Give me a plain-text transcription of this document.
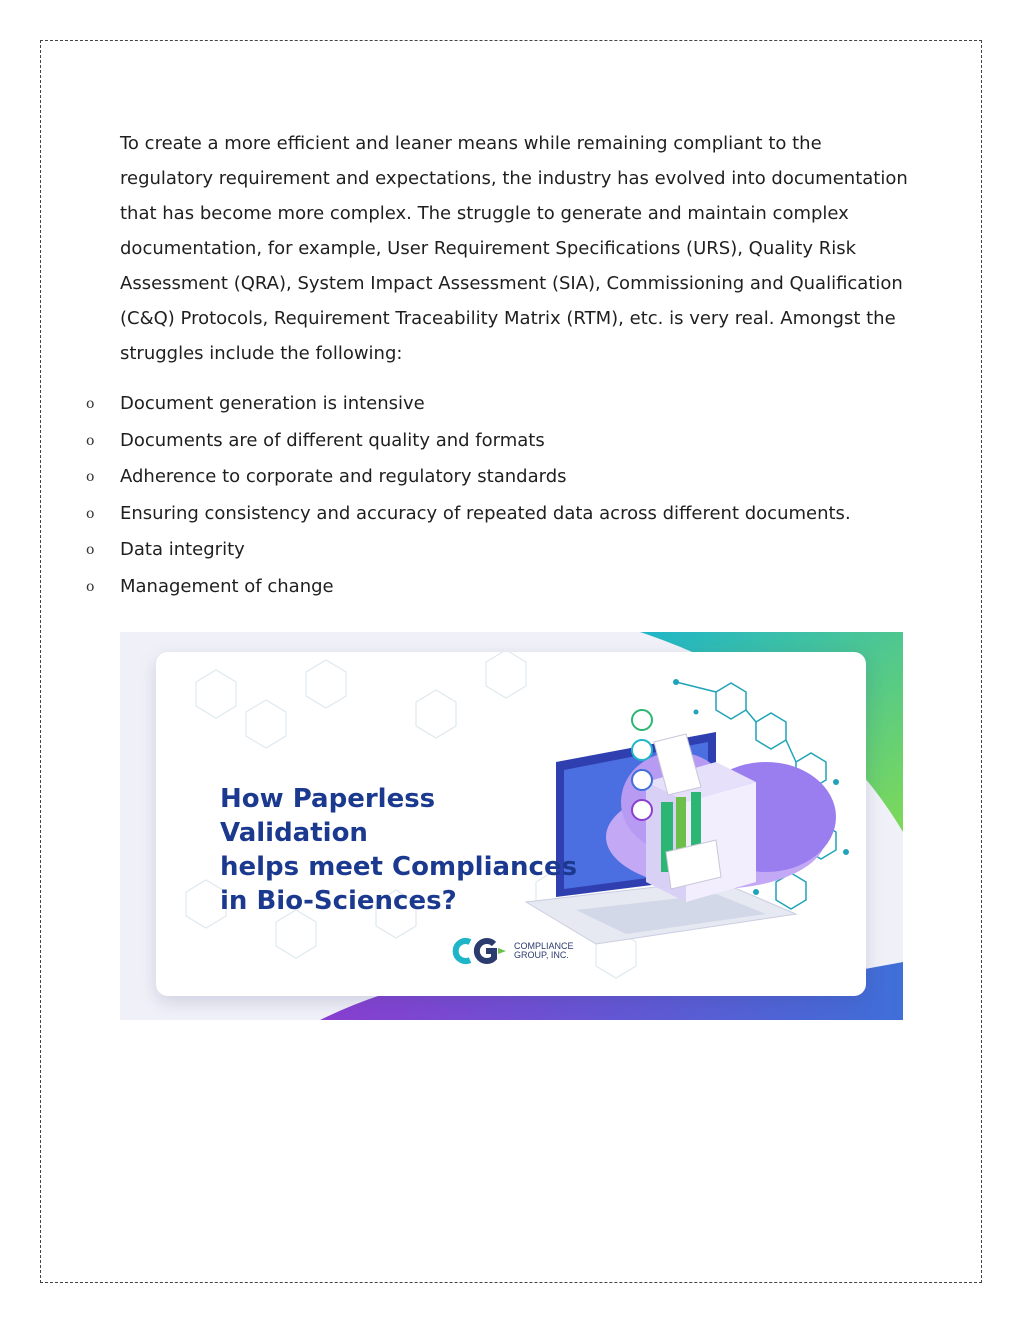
To create a more efficient and leaner means while remaining compliant to the regulatory requirement and expectations, the industry has evolved into documentation that has become more complex. The struggle to generate and maintain complex documentation, for example, User Requirement Specifications (URS), Quality Risk Assessment (QRA), System Impact Assessment (SIA), Commissioning and Qualification (C&Q) Protocols, Requirement Traceability Matrix (RTM), etc. is very real. Amongst the struggles include the following:

o Document generation is intensive
o Documents are of different quality and formats
o Adherence to corporate and regulatory standards
o Ensuring consistency and accuracy of repeated data across different documents.
o Data integrity
o Management of change
How Paperless Validation
helps meet Compliances
in Bio-Sciences?
COMPLIANCE
GROUP, INC.
